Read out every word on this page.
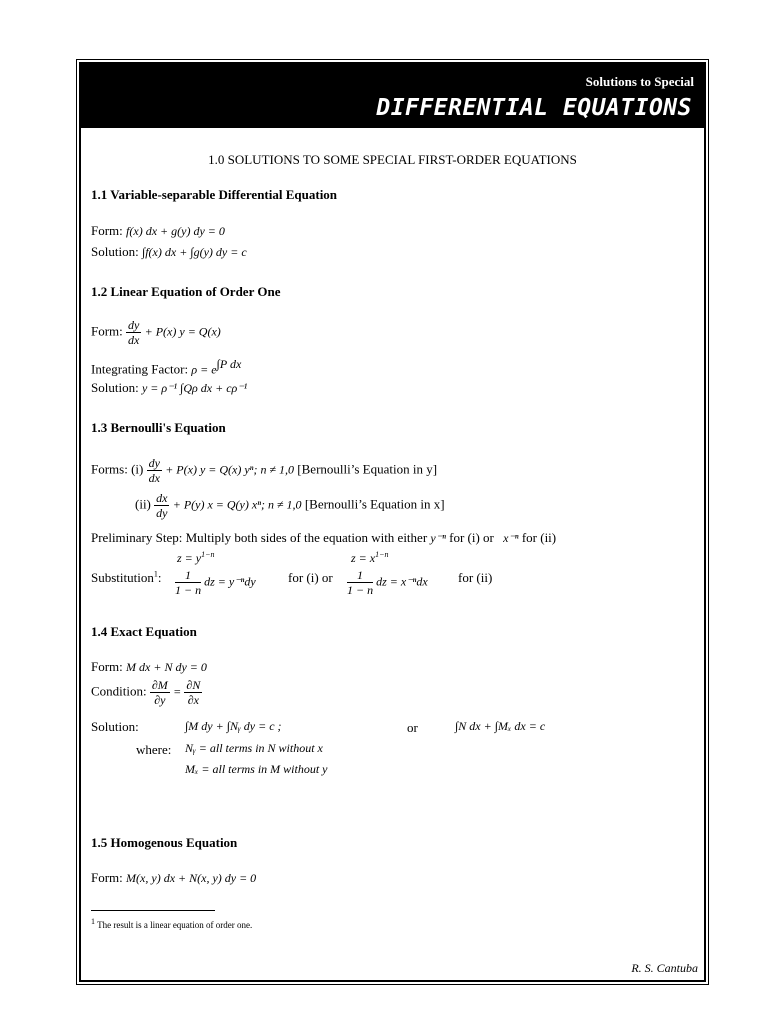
Solutions to Special
DIFFERENTIAL EQUATIONS
1.0 SOLUTIONS TO SOME SPECIAL FIRST-ORDER EQUATIONS
1.1 Variable-separable Differential Equation
Form: f(x) dx + g(y) dy = 0
Solution: ∫f(x) dx + ∫g(y) dy = c
1.2 Linear Equation of Order One
Form: $\frac{dy}{dx} + P(x) y = Q(x)$
Integrating Factor: $\rho = e^{\int P dx}$
Solution: y = ρ⁻¹ ∫Qρ dx + cρ⁻¹
1.3 Bernoulli's Equation
Forms: $(i) \frac{dy}{dx} + P(x) y = Q(x)$ yⁿ; n ≠ 1,0 [Bernoulli’s Equation in y]
$(ii) \frac{dx}{dy} + P(y) x = Q(y)$ xⁿ; n ≠ 1,0 [Bernoulli’s Equation in x]
Preliminary Step: Multiply both sides of the equation with either y⁻ⁿ for (i) or x⁻ⁿ for (ii)
$z = y^{1-n}$	$z = x^{1-n}$
Substitution$^1$: $\frac{1}{1 - n}$ dz = y⁻ⁿdy for (i) or $\frac{1}{1 - n}$ dz = x⁻ⁿdx for (ii)
1.4 Exact Equation
Form: M dx + N dy = 0
Condition: $\frac{\partial M}{\partial y} = \frac{\partial N}{\partial x}$
Solution:	∫M dy + ∫Nᵧ dy = c ;	or	∫N dx + ∫Mₓ dx = c
where: Nᵧ = all terms in N without x
Mₓ = all terms in M without y
1.5 Homogenous Equation
Form: M(x, y) dx + N(x, y) dy = 0
$^1$ The result is a linear equation of order one.
R. S. Cantuba
